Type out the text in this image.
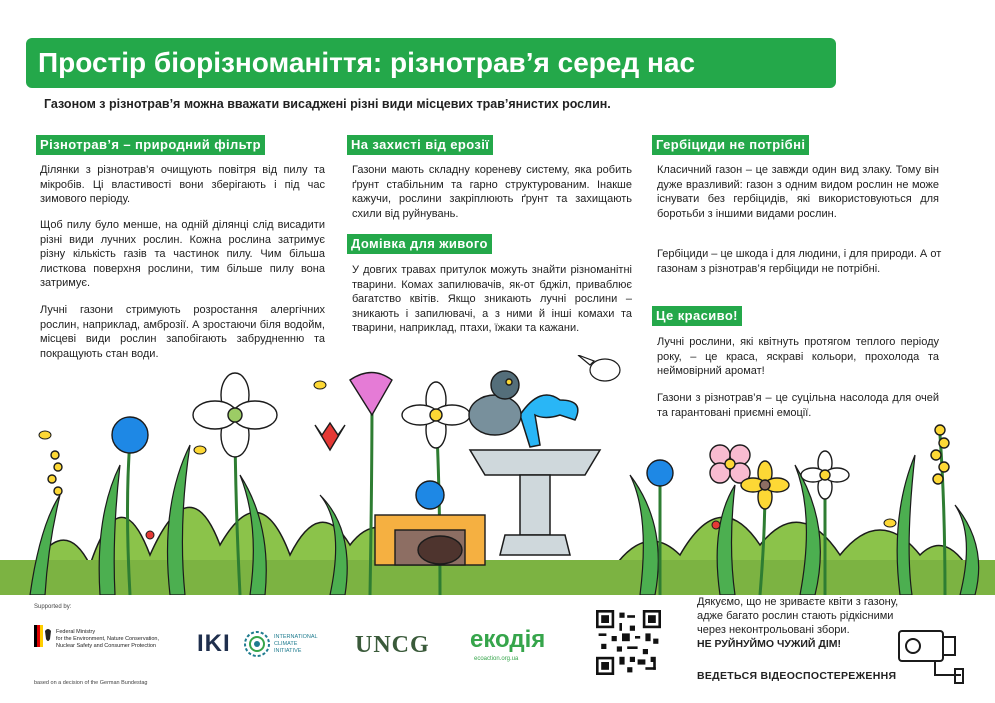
Простір біорізноманіття: різнотрав’я серед нас
Газоном з різнотрав’я можна вважати висаджені різні види місцевих трав’янистих рослин.
Різнотрав’я – природний фільтр
Ділянки з різнотрав’я очищують повітря від пилу та мікробів. Ці властивості вони зберігають і під час зимового періоду.
Щоб пилу було менше, на одній ділянці слід висадити різні види лучних рослин. Кожна рослина затримує різну кількість газів та частинок пилу. Чим більша листкова поверхня рослини, тим більше пилу вона затримує.
Лучні газони стримують розростання алергічних рослин, наприклад, амброзії. А зростаючи біля водойм, місцеві види рослин запобігають забрудненню та покращують стан води.
На захисті від ерозії
Газони мають складну кореневу систему, яка робить ґрунт стабільним та гарно структурованим. Інакше кажучи, рослини закріплюють ґрунт та захищають схили від руйнувань.
Домівка для живого
У довгих травах притулок можуть знайти різноманітні тварини. Комах запилювачів, як-от бджіл, приваблює багатство квітів. Якщо зникають лучні рослини – зникають і запилювачі, а з ними й інші комахи та тварини, наприклад, птахи, їжаки та кажани.
Гербіциди не потрібні
Класичний газон – це завжди один вид злаку. Тому він дуже вразливий: газон з одним видом рослин не може існувати без гербіцидів, які використовуються для боротьби з іншими видами рослин.
Гербіциди – це шкода і для людини, і для природи. А от газонам з різнотрав’я гербіциди не потрібні.
Це красиво!
Лучні рослини, які квітнуть протягом теплого періоду року, – це краса, яскраві кольори, прохолода та неймовірний аромат!
Газони з різнотрав’я – це суцільна насолода для очей та гарантовані приємні емоції.
Supported by:
Federal Ministry
for the Environment, Nature Conservation,
Nuclear Safety and Consumer Protection
based on a decision of the German Bundestag
IKI	INTERNATIONAL
CLIMATE
INITIATIVE	UNCG екодія
ecoaction.org.ua
Дякуємо, що не зриваєте квіти з газону, адже багато рослин стають рідкісними через неконтрольовані збори.
НЕ РУЙНУЙМО ЧУЖИЙ ДІМ!
ВЕДЕТЬСЯ ВІДЕОСПОСТЕРЕЖЕННЯ
